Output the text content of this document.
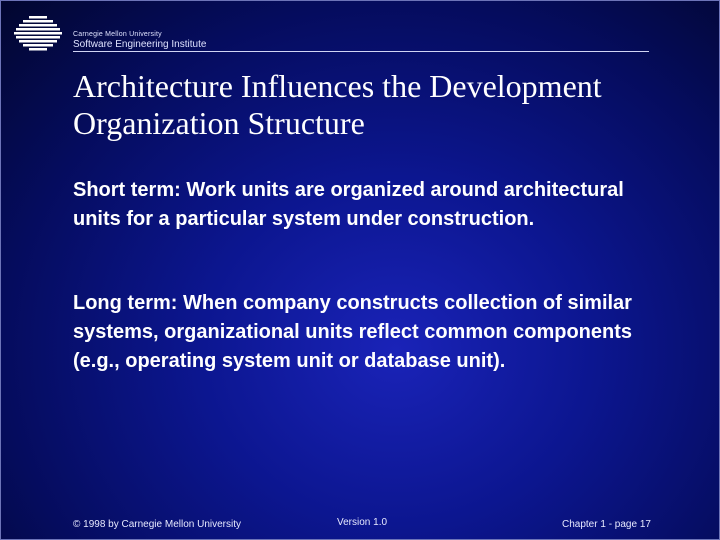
Carnegie Mellon University
Software Engineering Institute
Architecture Influences the Development
Organization Structure
Short term: Work units are organized around architectural units for a particular system under construction.
Long term: When company constructs collection of similar systems, organizational units reflect common components (e.g., operating system unit or database unit).
© 1998 by Carnegie Mellon University	Version 1.0	Chapter 1 - page 17
